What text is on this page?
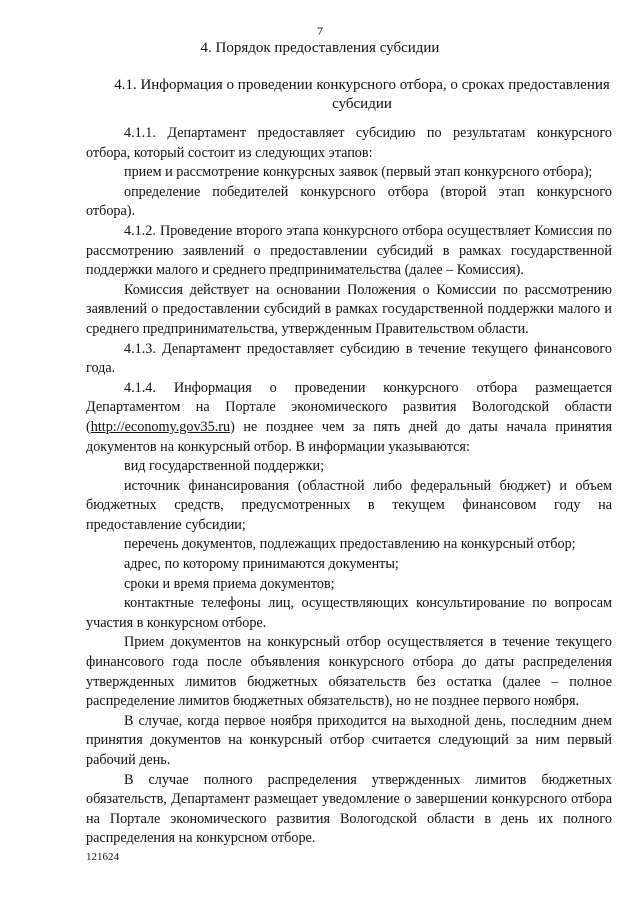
7
4. Порядок предоставления субсидии
4.1. Информация о проведении конкурсного отбора, о сроках предоставления субсидии

4.1.1. Департамент предоставляет субсидию по результатам конкурсного отбора, который состоит из следующих этапов:

прием и рассмотрение конкурсных заявок (первый этап конкурсного отбора);

определение победителей конкурсного отбора (второй этап конкурсного отбора).

4.1.2. Проведение второго этапа конкурсного отбора осуществляет Комиссия по рассмотрению заявлений о предоставлении субсидий в рамках государственной поддержки малого и среднего предпринимательства (далее – Комиссия).

Комиссия действует на основании Положения о Комиссии по рассмотрению заявлений о предоставлении субсидий в рамках государственной поддержки малого и среднего предпринимательства, утвержденным Правительством области.

4.1.3. Департамент предоставляет субсидию в течение текущего финансового года.

4.1.4. Информация о проведении конкурсного отбора размещается Департаментом на Портале экономического развития Вологодской области (http://economy.gov35.ru) не позднее чем за пять дней до даты начала принятия документов на конкурсный отбор. В информации указываются:

вид государственной поддержки;

источник финансирования (областной либо федеральный бюджет) и объем бюджетных средств, предусмотренных в текущем финансовом году на предоставление субсидии;

перечень документов, подлежащих предоставлению на конкурсный отбор;

адрес, по которому принимаются документы;

сроки и время приема документов;

контактные телефоны лиц, осуществляющих консультирование по вопросам участия в конкурсном отборе.

Прием документов на конкурсный отбор осуществляется в течение текущего финансового года после объявления конкурсного отбора до даты распределения утвержденных лимитов бюджетных обязательств без остатка (далее – полное распределение лимитов бюджетных обязательств), но не позднее первого ноября.

В случае, когда первое ноября приходится на выходной день, последним днем принятия документов на конкурсный отбор считается следующий за ним первый рабочий день.

В случае полного распределения утвержденных лимитов бюджетных обязательств, Департамент размещает уведомление о завершении конкурсного отбора на Портале экономического развития Вологодской области в день их полного распределения на конкурсном отборе.

121624
